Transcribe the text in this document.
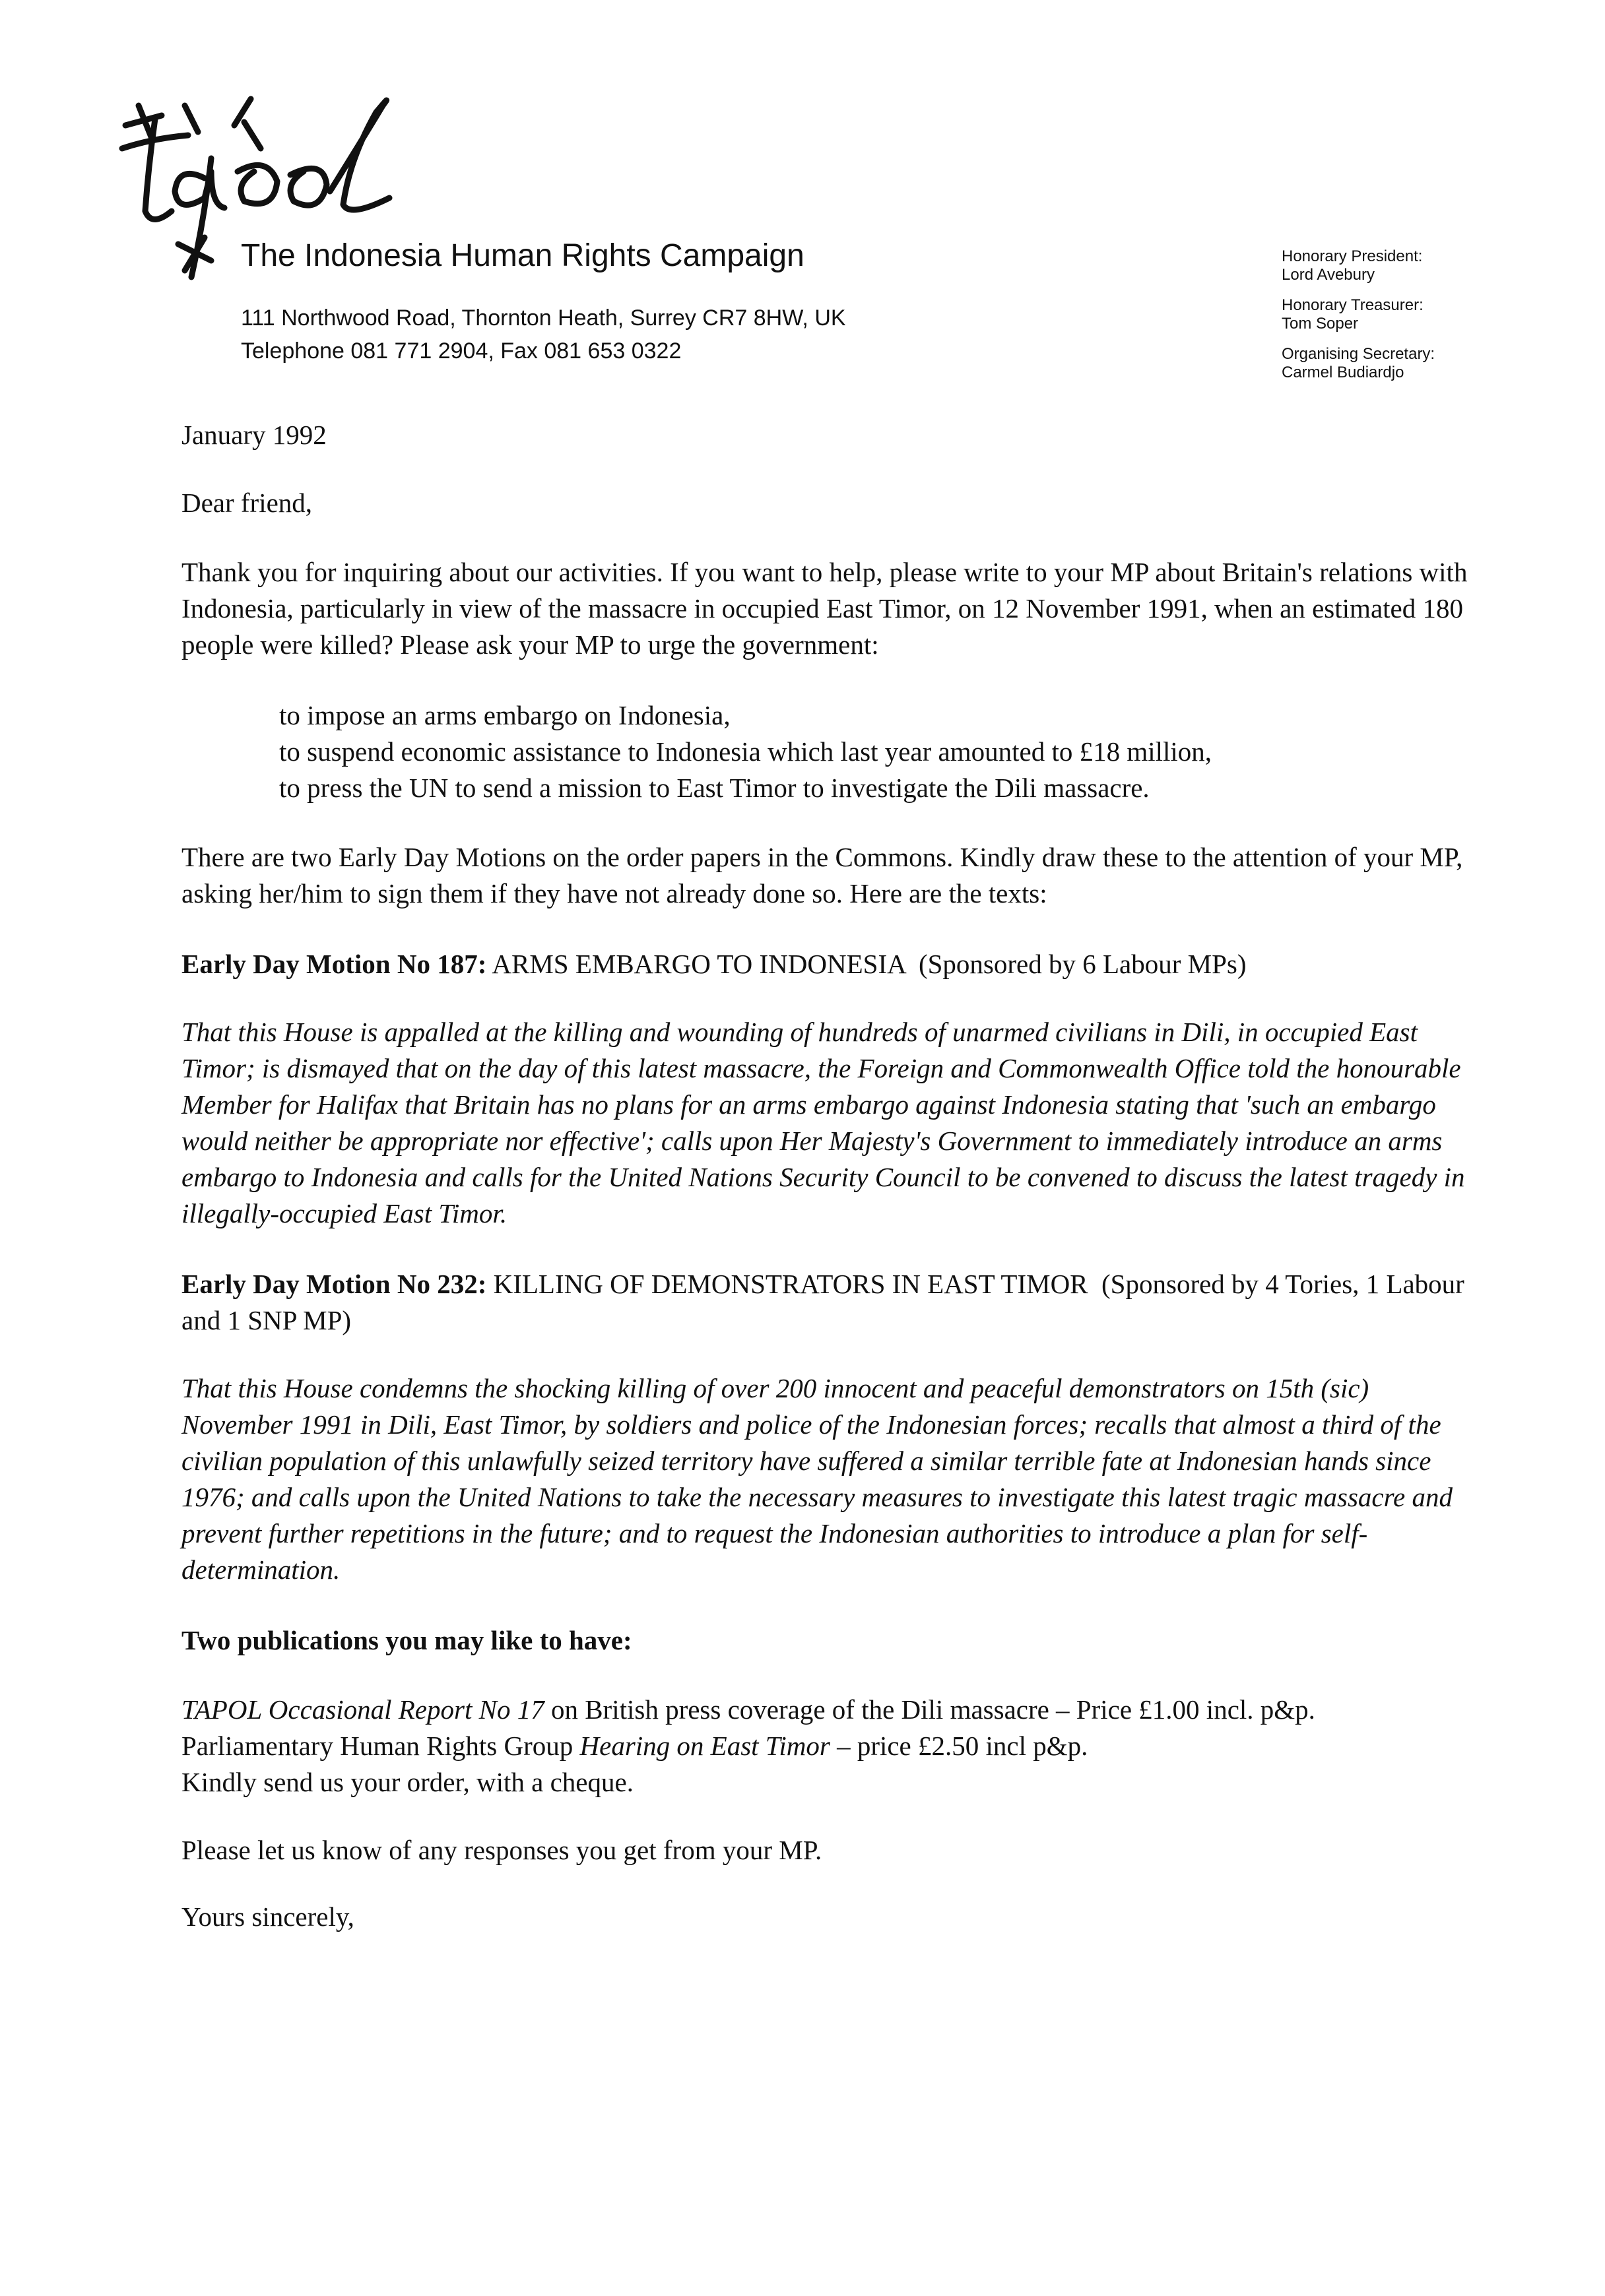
The Indonesia Human Rights Campaign
111 Northwood Road, Thornton Heath, Surrey CR7 8HW, UK
Telephone 081 771 2904, Fax 081 653 0322
Honorary President:
Lord Avebury
Honorary Treasurer:
Tom Soper
Organising Secretary:
Carmel Budiardjo

January 1992

Dear friend,

Thank you for inquiring about our activities. If you want to help, please write to your MP about Britain's relations with Indonesia, particularly in view of the massacre in occupied East Timor, on 12 November 1991, when an estimated 180 people were killed? Please ask your MP to urge the government:

to impose an arms embargo on Indonesia,
to suspend economic assistance to Indonesia which last year amounted to £18 million,
to press the UN to send a mission to East Timor to investigate the Dili massacre.

There are two Early Day Motions on the order papers in the Commons. Kindly draw these to the attention of your MP, asking her/him to sign them if they have not already done so. Here are the texts:

Early Day Motion No 187: ARMS EMBARGO TO INDONESIA (Sponsored by 6 Labour MPs)

That this House is appalled at the killing and wounding of hundreds of unarmed civilians in Dili, in occupied East Timor; is dismayed that on the day of this latest massacre, the Foreign and Commonwealth Office told the honourable Member for Halifax that Britain has no plans for an arms embargo against Indonesia stating that 'such an embargo would neither be appropriate nor effective'; calls upon Her Majesty's Government to immediately introduce an arms embargo to Indonesia and calls for the United Nations Security Council to be convened to discuss the latest tragedy in illegally-occupied East Timor.

Early Day Motion No 232: KILLING OF DEMONSTRATORS IN EAST TIMOR (Sponsored by 4 Tories, 1 Labour and 1 SNP MP)

That this House condemns the shocking killing of over 200 innocent and peaceful demonstrators on 15th (sic) November 1991 in Dili, East Timor, by soldiers and police of the Indonesian forces; recalls that almost a third of the civilian population of this unlawfully seized territory have suffered a similar terrible fate at Indonesian hands since 1976; and calls upon the United Nations to take the necessary measures to investigate this latest tragic massacre and prevent further repetitions in the future; and to request the Indonesian authorities to introduce a plan for self-determination.

Two publications you may like to have:

TAPOL Occasional Report No 17 on British press coverage of the Dili massacre – Price £1.00 incl. p&p.

Parliamentary Human Rights Group Hearing on East Timor – price £2.50 incl p&p.

Kindly send us your order, with a cheque.

Please let us know of any responses you get from your MP.

Yours sincerely,
